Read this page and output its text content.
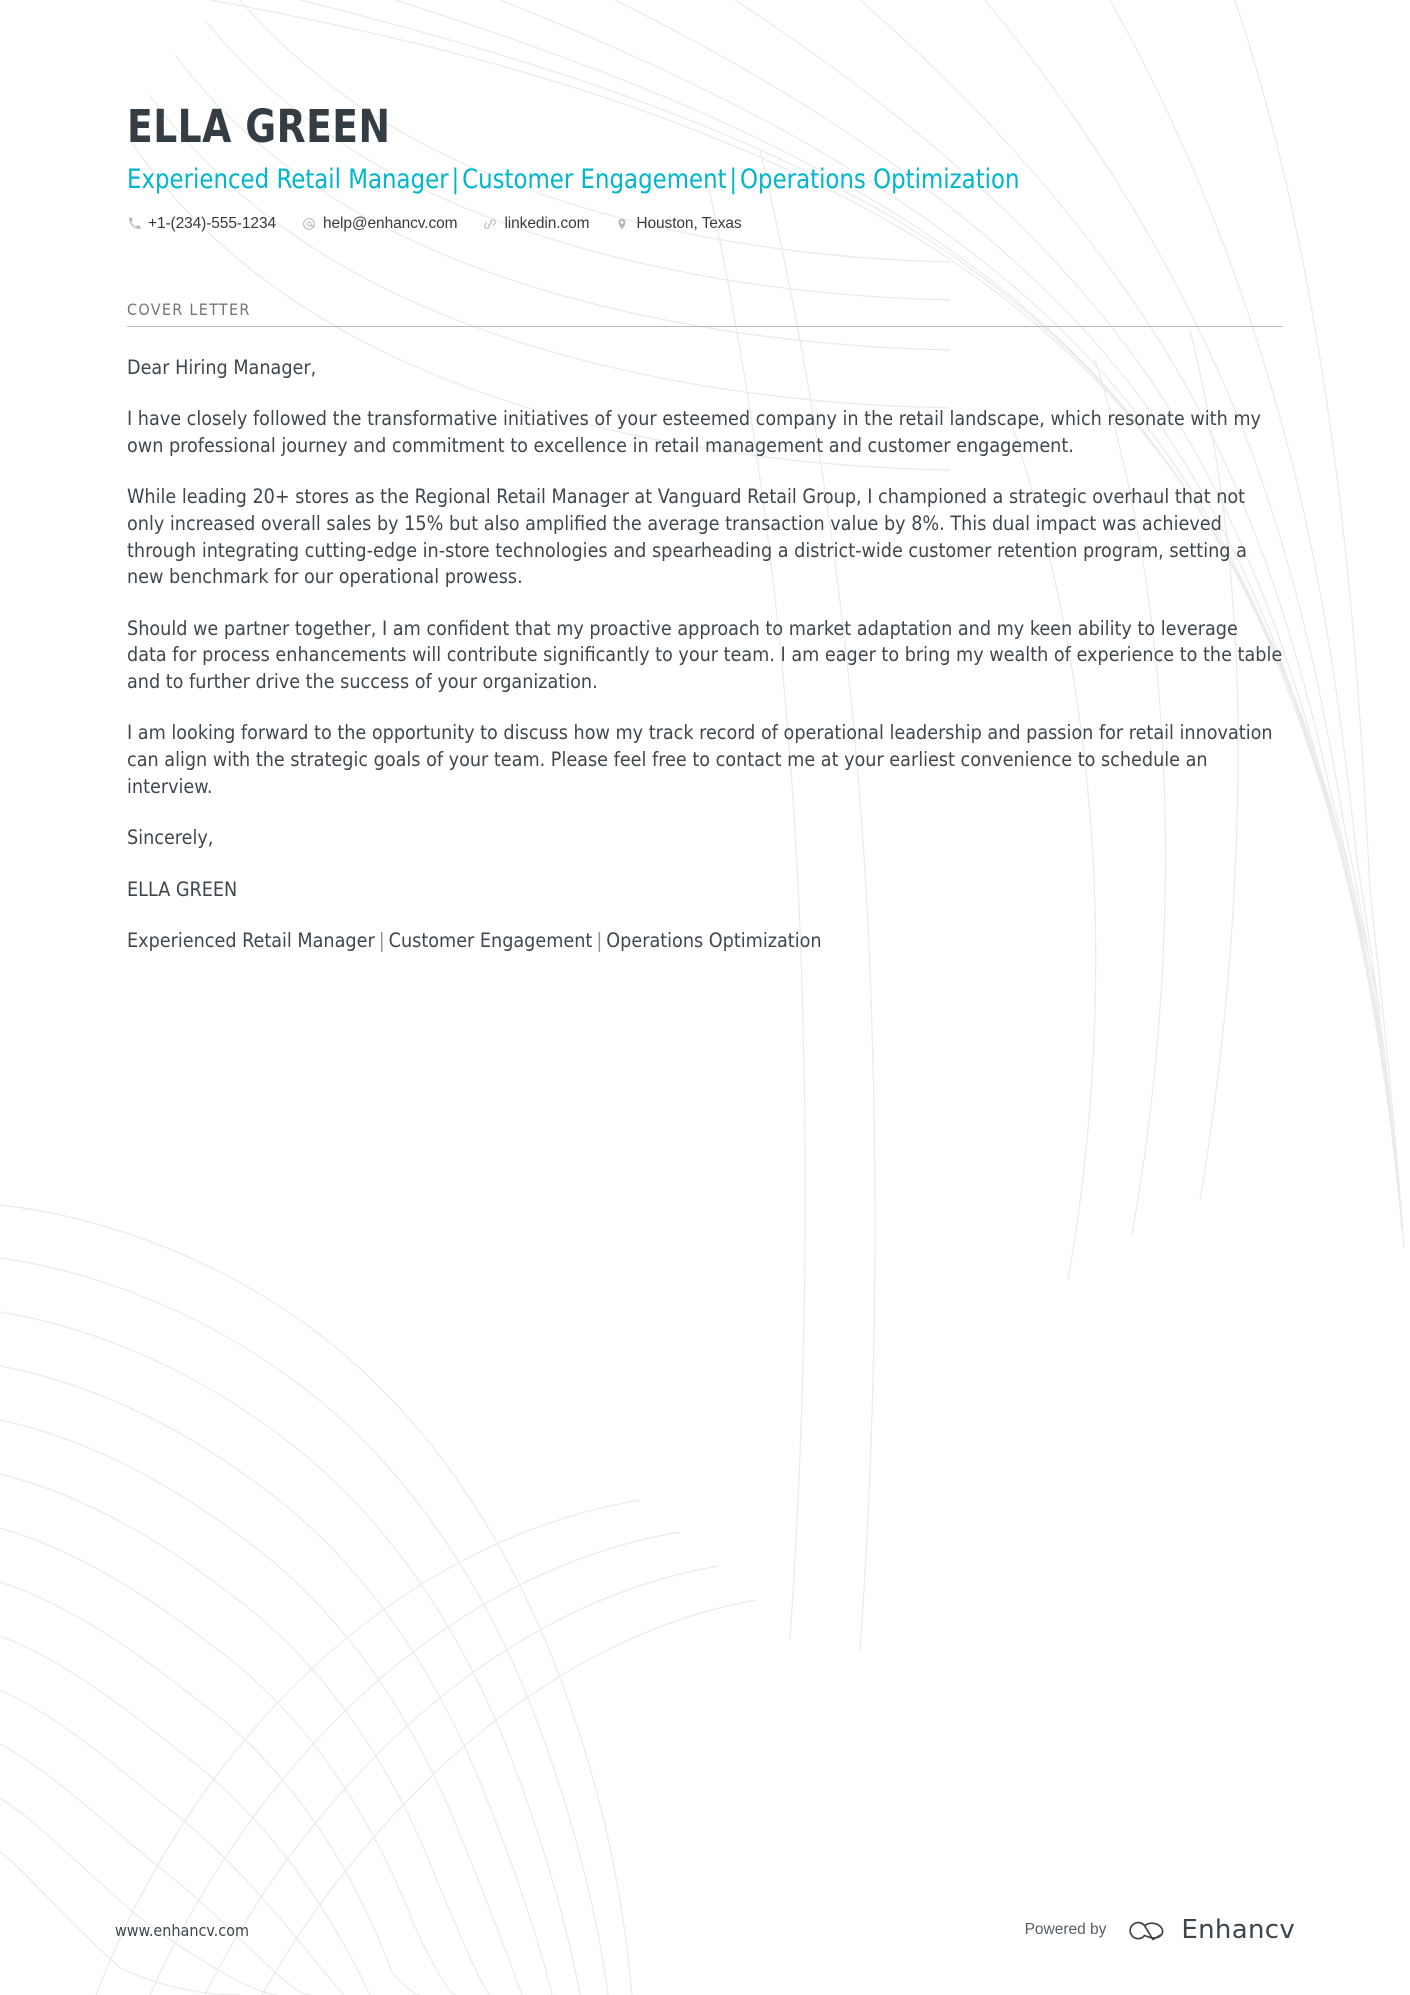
ELLA GREEN
Experienced Retail Manager | Customer Engagement | Operations Optimization
+1-(234)-555-1234	help@enhancv.com	linkedin.com	Houston, Texas
COVER LETTER

Dear Hiring Manager,

I have closely followed the transformative initiatives of your esteemed company in the retail landscape, which resonate with my own professional journey and commitment to excellence in retail management and customer engagement.

While leading 20+ stores as the Regional Retail Manager at Vanguard Retail Group, I championed a strategic overhaul that not only increased overall sales by 15% but also amplified the average transaction value by 8%. This dual impact was achieved through integrating cutting-edge in-store technologies and spearheading a district-wide customer retention program, setting a new benchmark for our operational prowess.

Should we partner together, I am confident that my proactive approach to market adaptation and my keen ability to leverage data for process enhancements will contribute significantly to your team. I am eager to bring my wealth of experience to the table and to further drive the success of your organization.

I am looking forward to the opportunity to discuss how my track record of operational leadership and passion for retail innovation can align with the strategic goals of your team. Please feel free to contact me at your earliest convenience to schedule an interview.

Sincerely,

ELLA GREEN

Experienced Retail Manager | Customer Engagement | Operations Optimization

www.enhancv.com	Powered by	Enhancv
